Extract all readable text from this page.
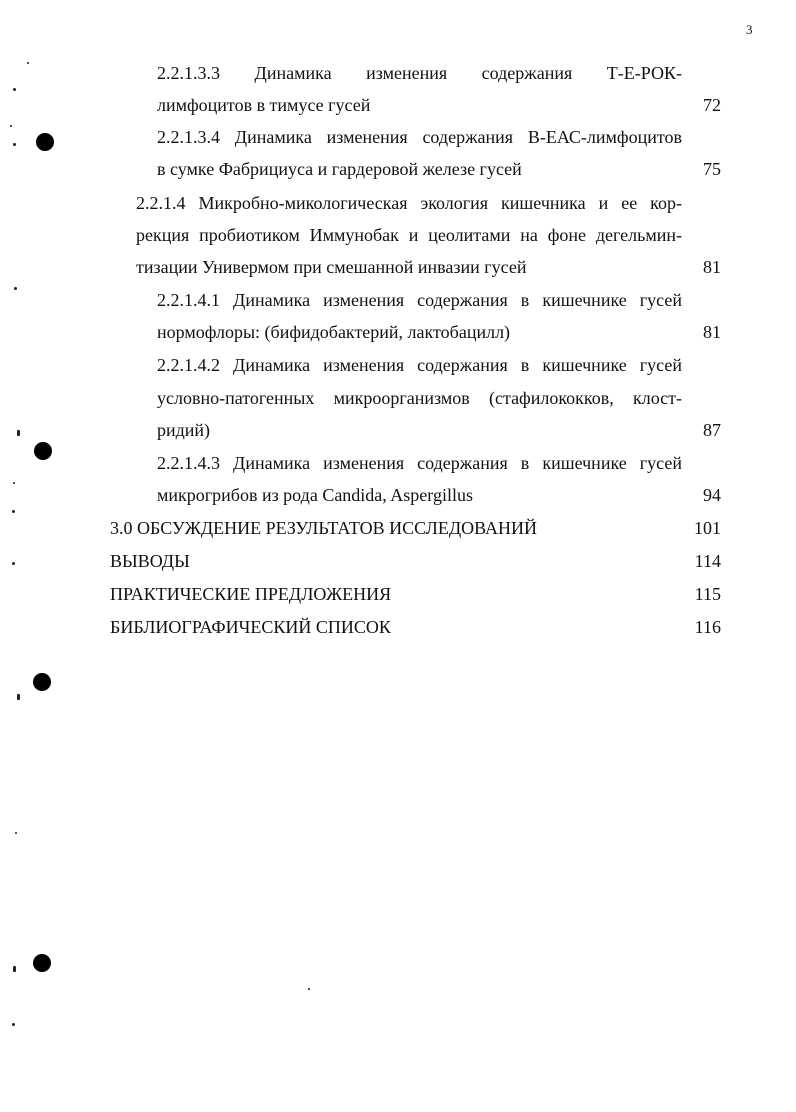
3
2.2.1.3.3 Динамика изменения содержания Т-Е-РОК-
лимфоцитов в тимусе гусей	72
2.2.1.3.4 Динамика изменения содержания В-ЕАС-лимфоцитов
в сумке Фабрициуса и гардеровой железе гусей	75
2.2.1.4 Микробно-микологическая экология кишечника и ее кор-
рекция пробиотиком Иммунобак и цеолитами на фоне дегельмин-
тизации Универмом при смешанной инвазии гусей	81
2.2.1.4.1 Динамика изменения содержания в кишечнике гусей
нормофлоры: (бифидобактерий, лактобацилл)	81
2.2.1.4.2 Динамика изменения содержания в кишечнике гусей
условно-патогенных микроорганизмов (стафилококков, клост-
ридий)	87
2.2.1.4.3 Динамика изменения содержания в кишечнике гусей
микрогрибов из рода Candida, Aspergillus	94
3.0 ОБСУЖДЕНИЕ РЕЗУЛЬТАТОВ ИССЛЕДОВАНИЙ	101
ВЫВОДЫ	114
ПРАКТИЧЕСКИЕ ПРЕДЛОЖЕНИЯ	115
БИБЛИОГРАФИЧЕСКИЙ СПИСОК	116
